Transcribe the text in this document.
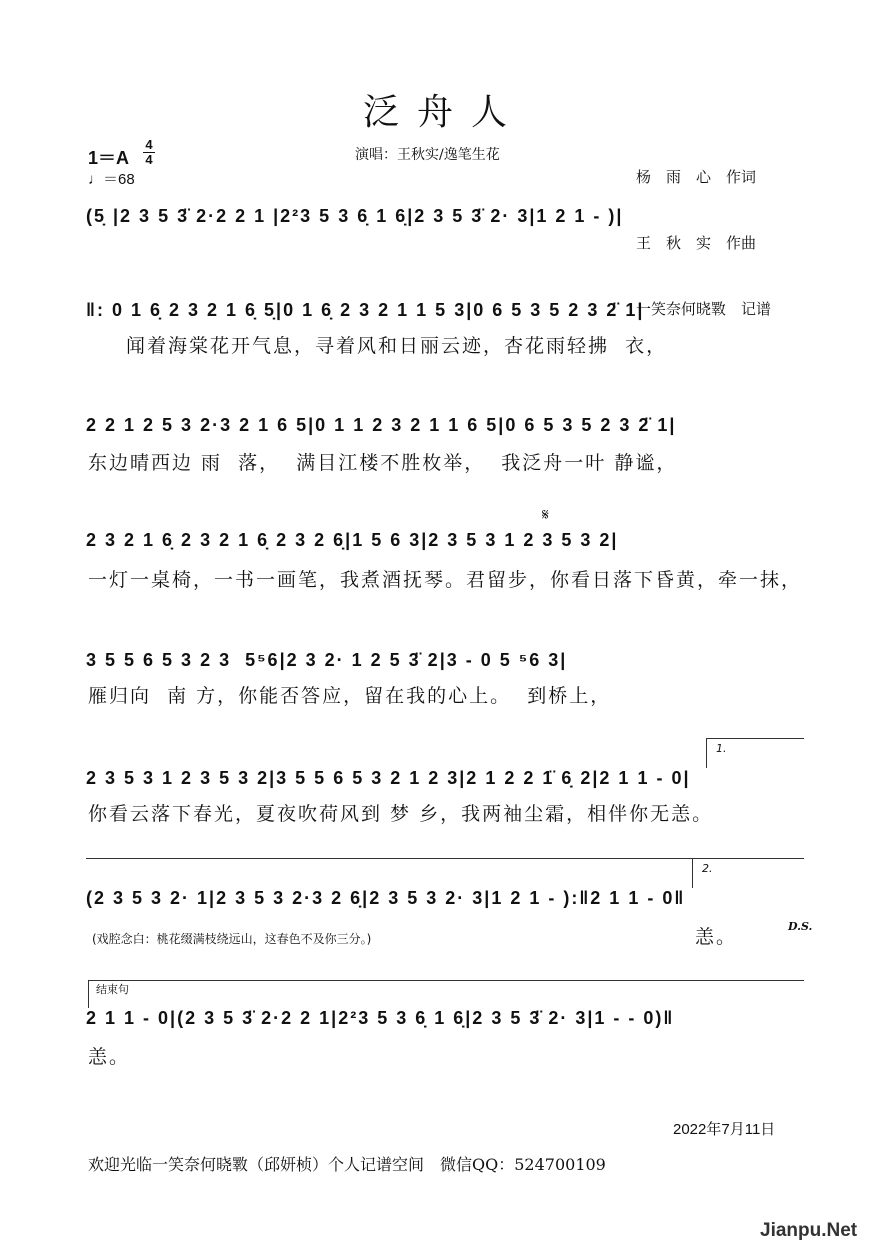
泛舟人

杨　雨　心　作词

王　秋　实　作曲

一笑奈何晓斁　记谱

1＝A
4
4
♩＝68
演唱：王秋实/逸笔生花
(5̣ |2 3 5 3̈ 2·2 2 1 |2²3 5 3 6̣ 1 6̣|2 3 5 3̈ 2· 3|1 2 1 - )|
‖: 0 1 6̣ 2 3 2 1 6̣ 5̣|0 1 6̣ 2 3 2 1 1 5 3|0 6 5 3 5 2 3 2̈ 1|
闻着海棠花开气息，寻着风和日丽云迹，杏花雨轻拂  衣，
2 2 1 2 5 3 2·3 2 1 6 5|0 1 1 2 3 2 1 1 6 5|0 6 5 3 5 2 3 2̈ 1|
东边晴西边 雨  落，  满目江楼不胜枚举，  我泛舟一叶 静谧，
𝄋
2 3 2 1 6̣ 2 3 2 1 6̣ 2 3 2 6̣|1 5 6 3|2 3 5 3 1 2 3 5 3 2|
一灯一桌椅，一书一画笔，我煮酒抚琴。君留步，你看日落下昏黄，牵一抹，
3 5 5 6 5 3 2 3  5⁵6|2 3 2· 1 2 5 3̈ 2|3 - 0 5 ⁵6 3|
雁归向  南 方，你能否答应，留在我的心上。  到桥上，
1.
2 3 5 3 1 2 3 5 3 2|3 5 5 6 5 3 2 1 2 3|2 1 2 2 1̈ 6̣ 2|2 1 1 - 0|
你看云落下春光，夏夜吹荷风到 梦 乡，我两袖尘霜，相伴你无恙。
2.
(2 3 5 3 2· 1|2 3 5 3 2·3 2 6̣|2 3 5 3 2· 3|1 2 1 - ):‖2 1 1 - 0‖
(戏腔念白：桃花缀满枝绕远山，这春色不及你三分。)	恙。	D.S.
结束句
2 1 1 - 0|(2 3 5 3̈ 2·2 2 1|2²3 5 3 6̣ 1 6̣|2 3 5 3̈ 2· 3|1 - - 0)‖
恙。
2022年7月11日
欢迎光临一笑奈何晓斁（邱妍桢）个人记谱空间　微信QQ：524700109
Jianpu.Net
